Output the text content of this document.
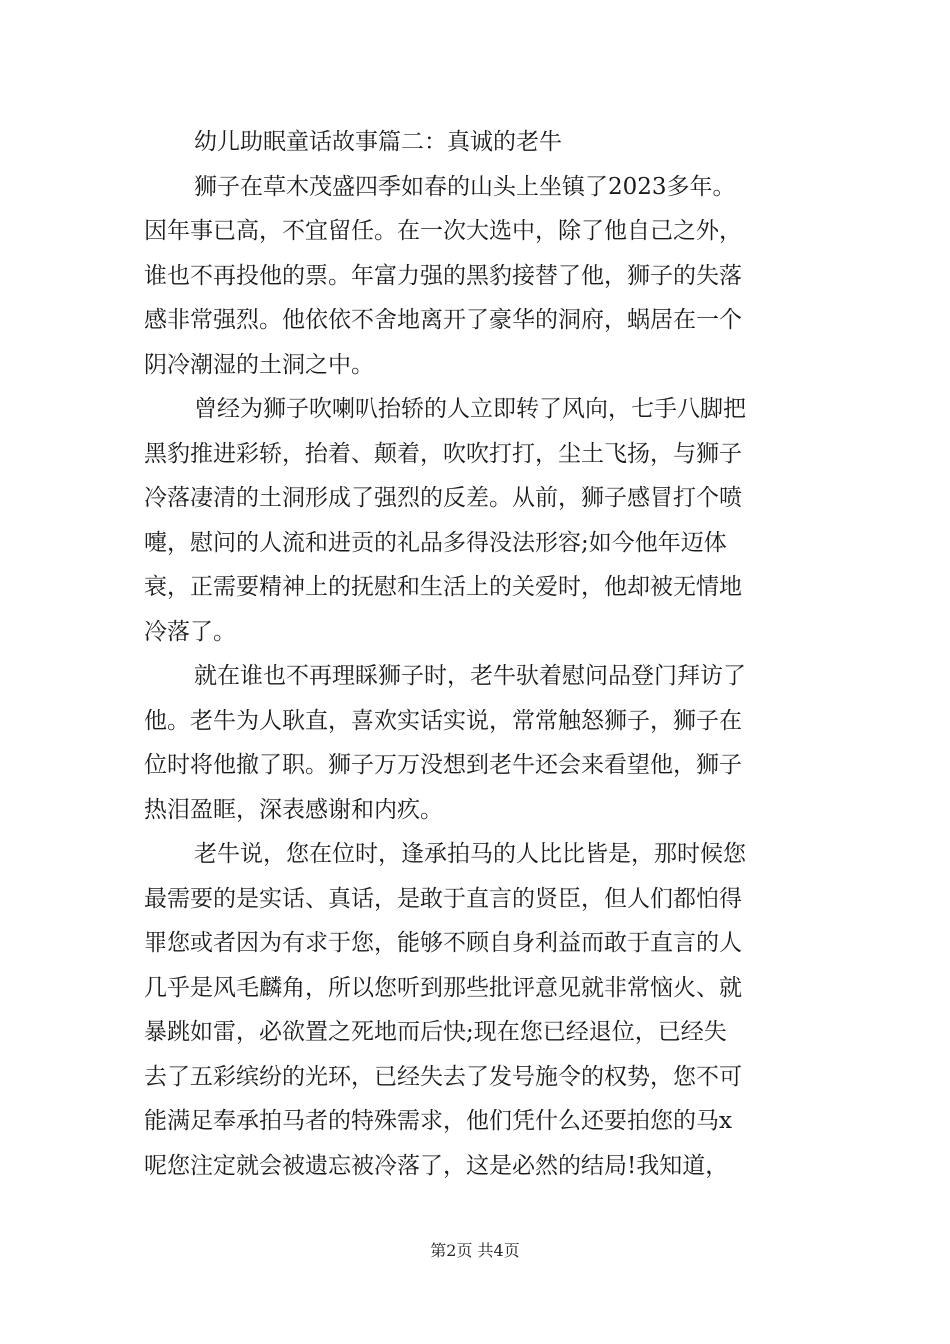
幼儿助眠童话故事篇二：真诚的老牛
狮子在草木茂盛四季如春的山头上坐镇了2023多年。
因年事已高，不宜留任。在一次大选中，除了他自己之外，
谁也不再投他的票。年富力强的黑豹接替了他，狮子的失落
感非常强烈。他依依不舍地离开了豪华的洞府，蜗居在一个
阴冷潮湿的土洞之中。
曾经为狮子吹喇叭抬轿的人立即转了风向，七手八脚把
黑豹推进彩轿，抬着、颠着，吹吹打打，尘土飞扬，与狮子
冷落凄清的土洞形成了强烈的反差。从前，狮子感冒打个喷
嚏，慰问的人流和进贡的礼品多得没法形容;如今他年迈体
衰，正需要精神上的抚慰和生活上的关爱时，他却被无情地
冷落了。
就在谁也不再理睬狮子时，老牛驮着慰问品登门拜访了
他。老牛为人耿直，喜欢实话实说，常常触怒狮子，狮子在
位时将他撤了职。狮子万万没想到老牛还会来看望他，狮子
热泪盈眶，深表感谢和内疚。
老牛说，您在位时，逢承拍马的人比比皆是，那时候您
最需要的是实话、真话，是敢于直言的贤臣，但人们都怕得
罪您或者因为有求于您，能够不顾自身利益而敢于直言的人
几乎是风毛麟角，所以您听到那些批评意见就非常恼火、就
暴跳如雷，必欲置之死地而后快;现在您已经退位，已经失
去了五彩缤纷的光环，已经失去了发号施令的权势，您不可
能满足奉承拍马者的特殊需求，他们凭什么还要拍您的马x
呢您注定就会被遗忘被冷落了，这是必然的结局!我知道，
第2页 共4页
